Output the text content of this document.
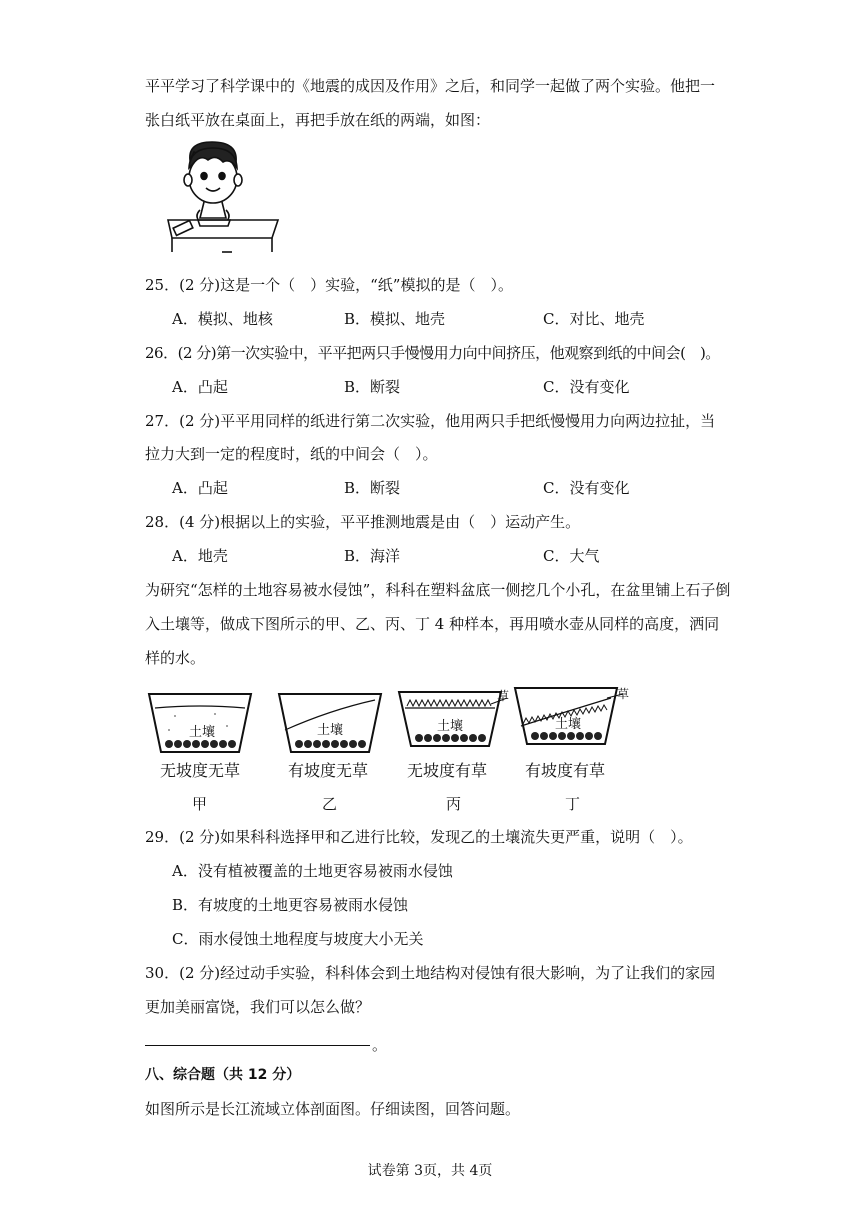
平平学习了科学课中的《地震的成因及作用》之后，和同学一起做了两个实验。他把一
张白纸平放在桌面上，再把手放在纸的两端，如图：
25．(2 分)这是一个（　）实验，“纸”模拟的是（　）。
A．模拟、地核	B．模拟、地壳	C．对比、地壳
26．(2 分)第一次实验中，平平把两只手慢慢用力向中间挤压，他观察到纸的中间会(　)。
A．凸起	B．断裂	C．没有变化
27．(2 分)平平用同样的纸进行第二次实验，他用两只手把纸慢慢用力向两边拉扯，当
拉力大到一定的程度时，纸的中间会（　）。
A．凸起	B．断裂	C．没有变化
28．(4 分)根据以上的实验，平平推测地震是由（　）运动产生。
A．地壳	B．海洋	C．大气
为研究“怎样的土地容易被水侵蚀”，科科在塑料盆底一侧挖几个小孔，在盆里铺上石子倒
入土壤等，做成下图所示的甲、乙、丙、丁 4 种样本，再用喷水壶从同样的高度，洒同
样的水。
土壤	土壤	土壤	土壤
草	草
无坡度无草	有坡度无草 无坡度有草 有坡度有草
甲	乙	丙	丁
29．(2 分)如果科科选择甲和乙进行比较，发现乙的土壤流失更严重，说明（　）。
A．没有植被覆盖的土地更容易被雨水侵蚀
B．有坡度的土地更容易被雨水侵蚀
C．雨水侵蚀土地程度与坡度大小无关
30．(2 分)经过动手实验，科科体会到土地结构对侵蚀有很大影响，为了让我们的家园
更加美丽富饶，我们可以怎么做？
。
八、综合题（共 12 分）
如图所示是长江流域立体剖面图。仔细读图，回答问题。
试卷第 3页，共 4页
